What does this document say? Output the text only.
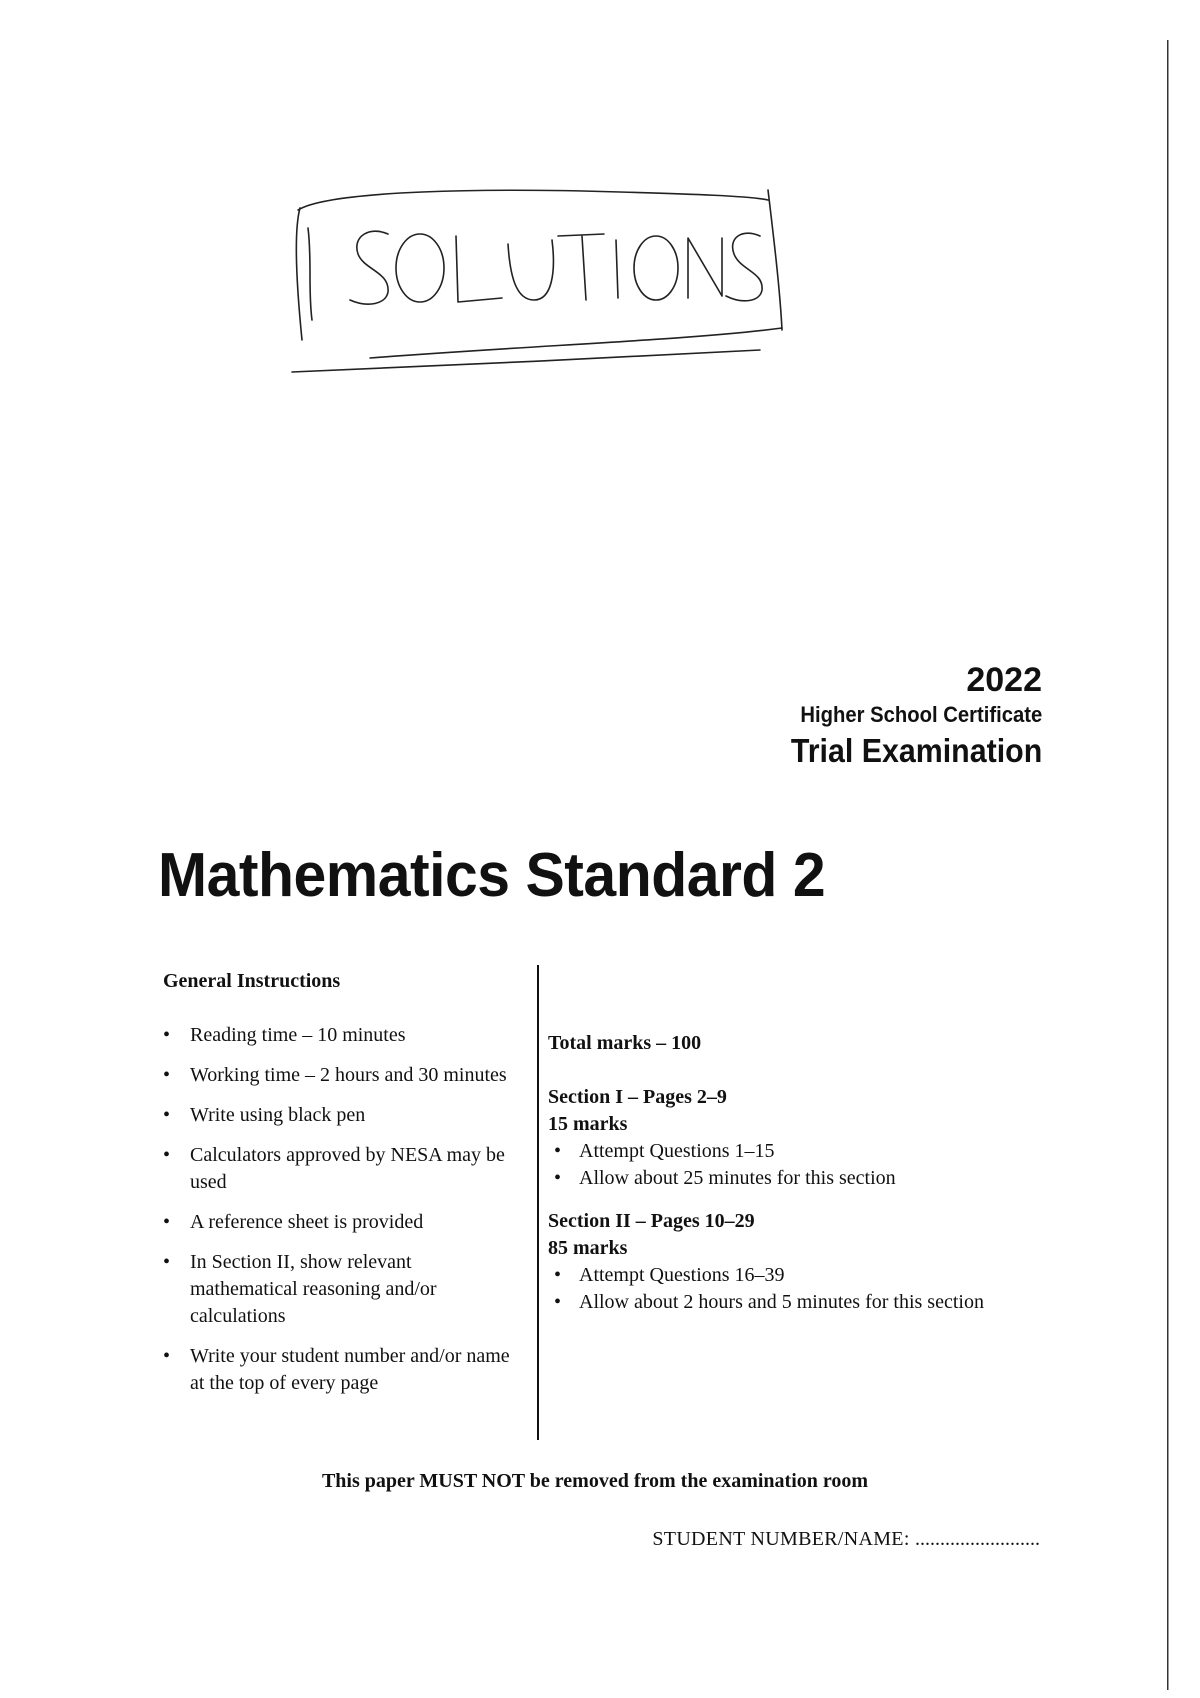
2022
Higher School Certificate
Trial Examination
Mathematics Standard 2
General Instructions
• Reading time – 10 minutes
• Working time – 2 hours and 30 minutes
• Write using black pen
• Calculators approved by NESA may be used
• A reference sheet is provided
• In Section II, show relevant mathematical reasoning and/or calculations
• Write your student number and/or name at the top of every page
Total marks – 100
Section I – Pages 2–9
15 marks
• Attempt Questions 1–15
• Allow about 25 minutes for this section
Section II – Pages 10–29
85 marks
• Attempt Questions 16–39
• Allow about 2 hours and 5 minutes for this section
This paper MUST NOT be removed from the examination room
STUDENT NUMBER/NAME: .........................
